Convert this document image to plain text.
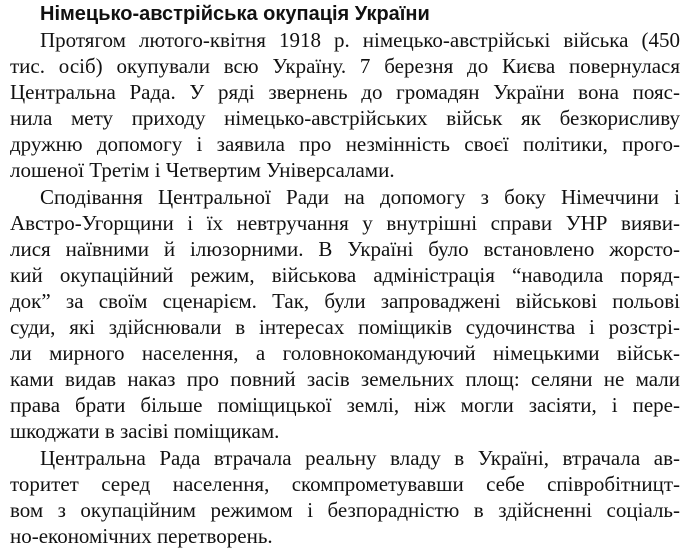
Німецько-австрійська окупація України

Протягом лютого-квітня 1918 р. німецько-австрійські війська (450

тис. осіб) окупували всю Україну. 7 березня до Києва повернулася

Центральна Рада. У ряді звернень до громадян України вона пояс-

нила мету приходу німецько-австрійських військ як безкорисливу

дружню допомогу і заявила про незмінність своєї політики, прого-

лошеної Третім і Четвертим Універсалами.

Сподівання Центральної Ради на допомогу з боку Німеччини і

Австро-Угорщини і їх невтручання у внутрішні справи УНР вияви-

лися наївними й ілюзорними. В Україні було встановлено жорсто-

кий окупаційний режим, військова адміністрація “наводила поряд-

док” за своїм сценарієм. Так, були запроваджені військові польові

суди, які здійснювали в інтересах поміщиків судочинства і розстрі-

ли мирного населення, а головнокомандуючий німецькими військ-

ками видав наказ про повний засів земельних площ: селяни не мали

права брати більше поміщицької землі, ніж могли засіяти, і пере-

шкоджати в засіві поміщикам.

Центральна Рада втрачала реальну владу в Україні, втрачала ав-

торитет серед населення, скомпрометувавши себе співробітницт-

вом з окупаційним режимом і безпорадністю в здійсненні соціаль-

но-економічних перетворень.
